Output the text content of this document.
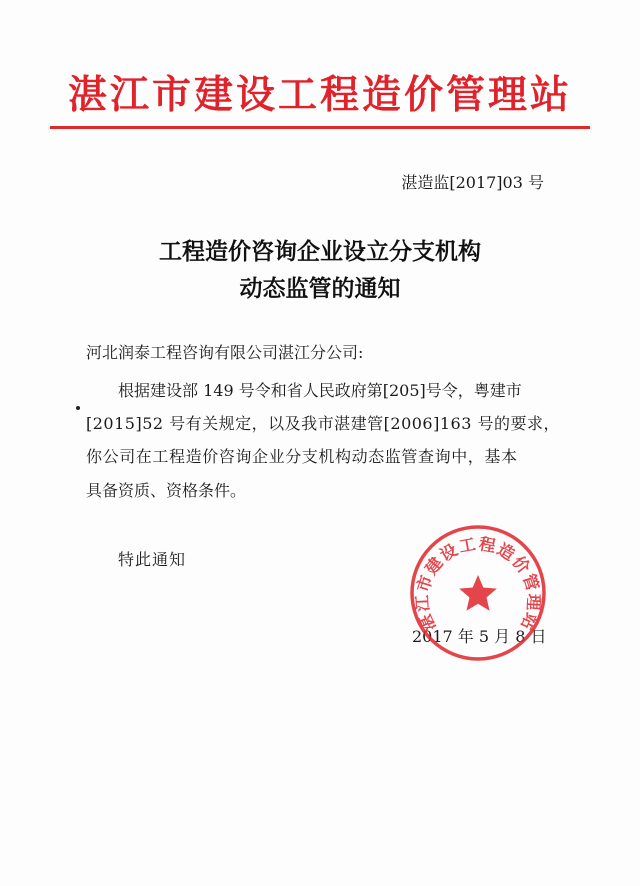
湛江市建设工程造价管理站
湛造监[2017]03 号
工程造价咨询企业设立分支机构
动态监管的通知
河北润泰工程咨询有限公司湛江分公司:
根据建设部 149 号令和省人民政府第[205]号令，粤建市
[2015]52 号有关规定，以及我市湛建管[2006]163 号的要求，
你公司在工程造价咨询企业分支机构动态监管查询中，基本
具备资质、资格条件。
特此通知
2017 年 5 月 8 日
湛江市建设工程造价管理站
